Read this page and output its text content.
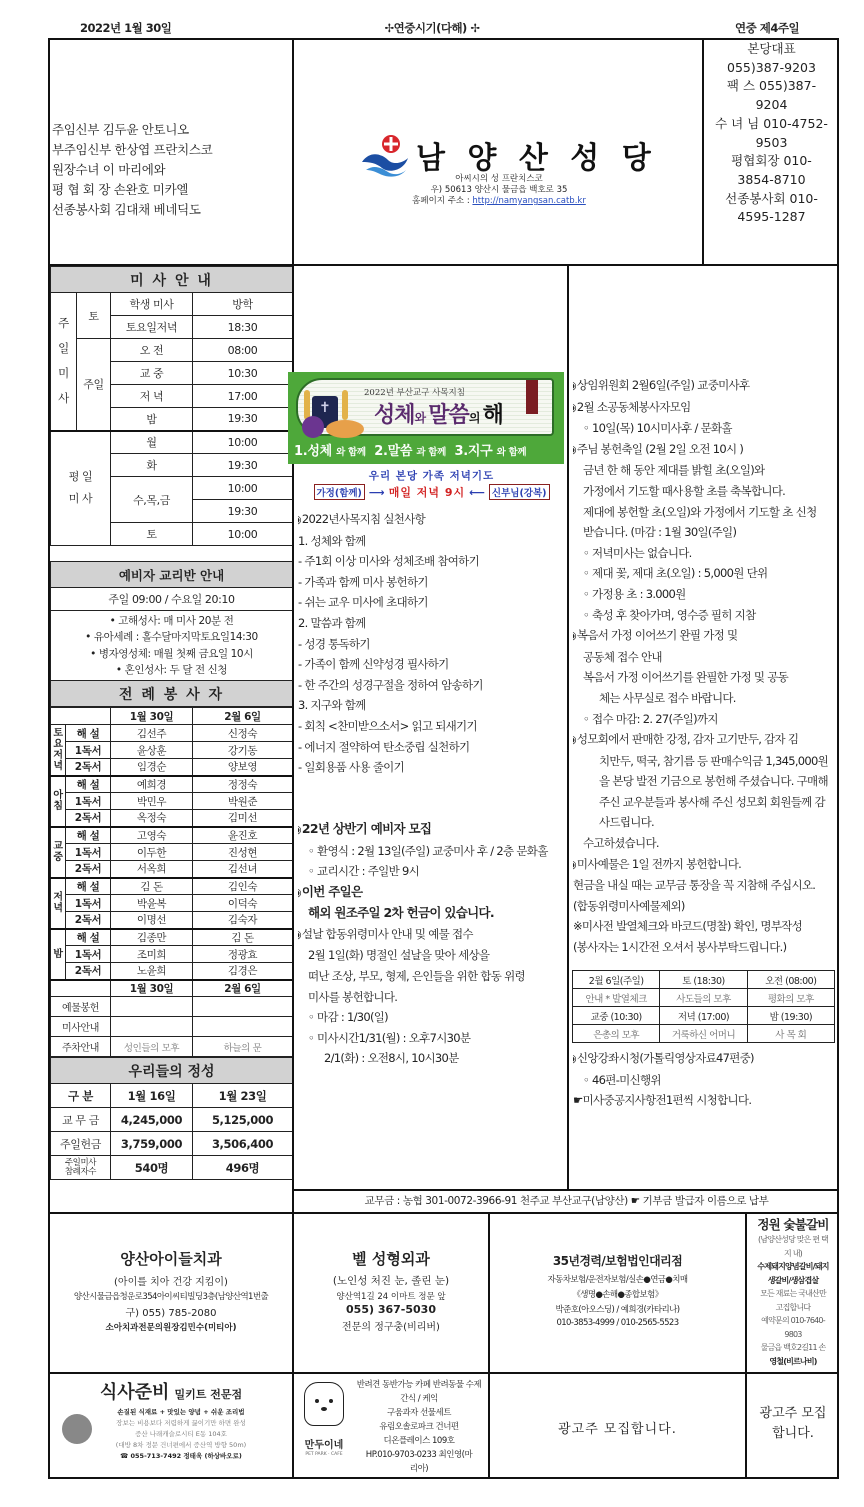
2022년 1월 30일	✢연중시기(다해) ✢	연중 제4주일
주임신부 김두윤 안토니오
부주임신부 한상엽 프란치스코
원장수녀 이 마리에와
평 협 회 장 손완호 미카엘
선종봉사회 김대채 베네딕도
남 양 산 성 당
아씨시의 성 프란치스코
우) 50613 양산시 물금읍 백호로 35
홈페이지 주소 : http://namyangsan.catb.kr
본당대표
055)387-9203
팩 스 055)387-
9204
수 녀 님 010-4752-
9503
평협회장 010-
3854-8710
선종봉사회 010-
4595-1287
미 사 안 내			

주
일
미
사	토	학생 미사	방학
		토요일저녁	18:30
	주일	오 전	08:00
		교 중	10:30
		저 녁	17:00
		밤	19:30

평 일
미 사		월	10:00
		화	19:30
		수,목,금	10:00
			19:30
		토	10:00

예비자 교리반 안내			
주일 09:00 / 수요일 20:10			

• 고해성사: 매 미사 20분 전
• 유아세례 : 홀수달마지막토요일14:30
• 병자영성체: 매월 첫째 금요일 10시
• 혼인성사: 두 달 전 신청			

전 례 봉 사 자			
		1월 30일	2월 6일

토
요
저
녁	해 설	김선주	신정숙
	1독서	윤상훈	강기동
	2독서	임경순	양보영

아
침	해 설	예희경	정정숙
	1독서	박민우	박원준
	2독서	옥정숙	김미선

교
중	해 설	고영숙	윤진호
	1독서	이두한	진성현
	2독서	서옥희	김선녀

저
녁	해 설	김 돈	김인숙
	1독서	박윤복	이덕숙
	2독서	이명선	김숙자

밤	해 설	김종만	김 돈
	1독서	조미희	정광효
	2독서	노윤희	김경은
		1월 30일	2월 6일
예물봉헌			
미사안내			
주차안내		성인들의 모후	하늘의 문
우리들의 정성		
구 분	1월 16일	1월 23일

교 무 금	4,245,000	5,125,000

주일헌금	3,759,000	3,506,400

주일미사
참례자수	540명	496명
✝
2022년 부산교구 사목지침
성체와 말씀의 해
1.성체 와 함께 2.말씀 과 함께 3.지구 와 함께
우리 본당 가족 저녁기도
가정(함께) ⟶ 매일 저녁 9시 ⟵ 신부님(강복)
◉ 2022년사목지침 실천사항
1. 성체와 함께
- 주1회 이상 미사와 성체조배 참여하기
- 가족과 함께 미사 봉헌하기
- 쉬는 교우 미사에 초대하기
2. 말씀과 함께
- 성경 통독하기
- 가족이 함께 신약성경 필사하기
- 한 주간의 성경구절을 정하여 암송하기
3. 지구와 함께
- 회칙 <찬미받으소서> 읽고 되새기기
- 에너지 절약하여 탄소중립 실천하기
- 일회용품 사용 줄이기

◉ 22년 상반기 예비자 모집
◦ 환영식 : 2월 13일(주일) 교중미사 후 / 2층 문화홀
◦ 교리시간 : 주일반 9시
◉ 이번 주일은
해외 원조주일 2차 헌금이 있습니다.
◉ 설날 합동위령미사 안내 및 예물 접수
2월 1일(화) 명절인 설날을 맞아 세상을
떠난 조상, 부모, 형제, 은인들을 위한 합동 위령
미사를 봉헌합니다.
◦ 마감 : 1/30(일)
◦ 미사시간1/31(월) : 오후7시30분
2/1(화) : 오전8시, 10시30분
◉ 상임위원회 2월6일(주일) 교중미사후
◉ 2월 소공동체봉사자모임
◦ 10일(목) 10시미사후 / 문화홀
◉ 주님 봉헌축일 (2월 2일 오전 10시 )
금년 한 해 동안 제대를 밝힐 초(오일)와
가정에서 기도할 때사용할 초를 축복합니다.
제대에 봉헌할 초(오일)와 가정에서 기도할 초 신청
받습니다. (마감 : 1월 30일(주일)
◦ 저녁미사는 없습니다.
◦ 제대 꽃, 제대 초(오일) : 5,000원 단위
◦ 가정용 초 : 3.000원
◦ 축성 후 찾아가며, 영수증 필히 지참
◉ 복음서 가정 이어쓰기 완필 가정 및
공동체 접수 안내
복음서 가정 이어쓰기를 완필한 가정 및 공동
체는 사무실로 접수 바랍니다.
◦ 접수 마감: 2. 27(주일)까지
◉ 성모회에서 판매한 강정, 감자 고기만두, 감자 김
치만두, 떡국, 참기름 등 판매수익금 1,345,000원
을 본당 발전 기금으로 봉헌해 주셨습니다. 구매해
주신 교우분들과 봉사해 주신 성모회 회원들께 감
사드립니다.
수고하셨습니다.
◉ 미사예물은 1일 전까지 봉헌합니다.
현금을 내실 때는 교무금 통장을 꼭 지참해 주십시오.
(합동위령미사예물제외)
※미사전 발열체크와 바코드(명찰) 확인, 명부작성
(봉사자는 1시간전 오셔서 봉사부탁드립니다.)
2월 6일(주일)	토 (18:30)	오전 (08:00)
안내 * 발열체크	사도들의 모후	평화의 모후
교중 (10:30)	저녁 (17:00)	밤 (19:30)
은총의 모후	거룩하신 어머니	사 목 회
◉ 신앙강좌시청(가톨릭영상자료47편중)
◦ 46편-미신행위
☛미사중공지사항전1편씩 시청합니다.
교무금 : 농협 301-0072-3966-91 천주교 부산교구(남양산) ☛ 기부금 발급자 이름으로 납부
양산아이들치과
(아이를 치아 건강 지킴이)
양산시물금읍청운로354아이씨티빌딩3층(남양산역1번출
구) 055) 785-2080
소아치과전문의원장김민수(미티아)
벨 성형외과
(노인성 처진 눈, 졸린 눈)
양산역1길 24 이마트 정문 앞
055) 367-5030
전문의 정구충(비리버)
35년경력/보험법인대리점
자동차보험/운전자보험/실손●연금●치매
《생명●손해●종합보험》
박준호(아오스딩) / 예희경(카타리나)
010-3853-4999 / 010-2565-5523
정원 숯불갈비
(남양산성당 맞은 편 택
지 내)
수제돼지양념갈비/돼지
생갈비/생삼겹살
모든 재료는 국내산만
고집합니다
예약문의 010-7640-
9803
물금읍 백호2길11 손
영철(비르나비)
식사준비 밀키트 전문점
손질된 식재료 + 맛있는 양념 + 쉬운 조리법
장보는 비용보다 저렴하게 끓이기만 하면 완성
증산 나래캐슬로시티 E동 104호
(대방 8차 정문 건너편에서 증산역 방향 50m)
☎ 055-713-7492 정태욱 (하상바오로)
만두이네
PET PARK · CAFE
반려견 동반가능 카페 반려동물 수제
간식 / 케익
구움과자 선물세트
유림오솔로파크 건너편
디온플레이스 109호
HP.010-9703-0233 최인영(마
리아)
광고주 모집합니다.
광고주 모집
합니다.
